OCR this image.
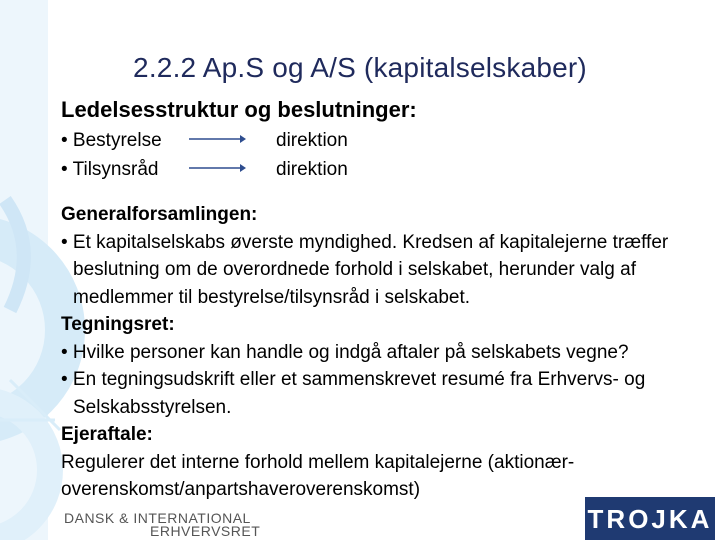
2.2.2 Ap.S og A/S (kapitalselskaber)
Ledelsesstruktur og beslutninger:
• Bestyrelse	direktion
• Tilsynsråd	direktion
Generalforsamlingen:
• Et kapitalselskabs øverste myndighed. Kredsen af kapitalejerne træffer beslutning om de overordnede forhold i selskabet, herunder valg af medlemmer til bestyrelse/tilsynsråd i selskabet.
Tegningsret:
• Hvilke personer kan handle og indgå aftaler på selskabets vegne?
• En tegningsudskrift eller et sammenskrevet resumé fra Erhvervs- og Selskabsstyrelsen.
Ejeraftale:
Regulerer det interne forhold mellem kapitalejerne (aktionær-overenskomst/anpartshaveroverenskomst)
DANSK & INTERNATIONAL
ERHVERVSRET	TROJKA
